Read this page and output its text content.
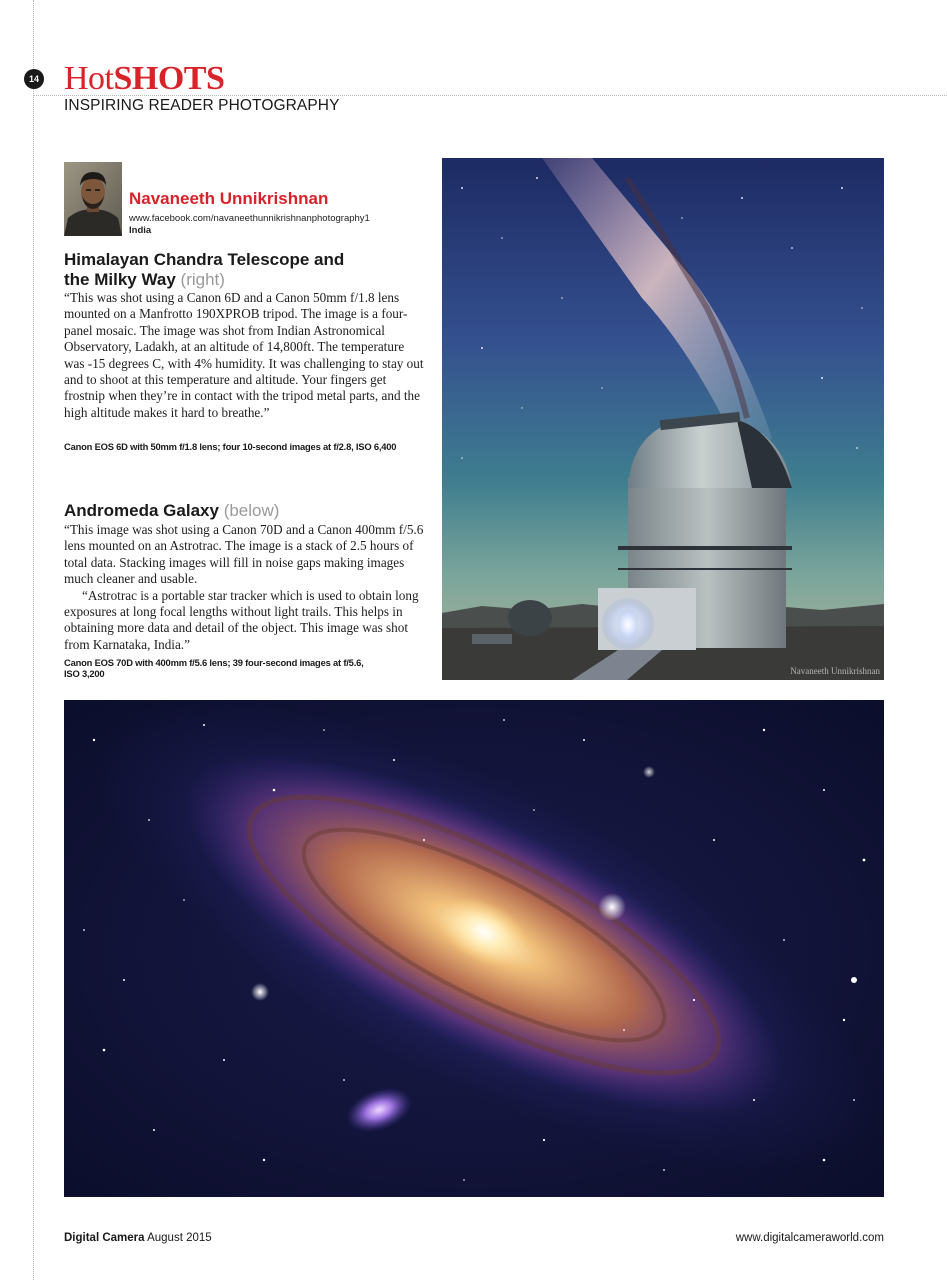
14 HotSHOTS
INSPIRING READER PHOTOGRAPHY
Navaneeth Unnikrishnan
www.facebook.com/navaneethunnikrishnanphotography1
India
Himalayan Chandra Telescope and the Milky Way (right)

“This was shot using a Canon 6D and a Canon 50mm f/1.8 lens mounted on a Manfrotto 190XPROB tripod. The image is a four-panel mosaic. The image was shot from Indian Astronomical Observatory, Ladakh, at an altitude of 14,800ft. The temperature was -15 degrees C, with 4% humidity. It was challenging to stay out and to shoot at this temperature and altitude. Your fingers get frostnip when they’re in contact with the tripod metal parts, and the high altitude makes it hard to breathe.”

Canon EOS 6D with 50mm f/1.8 lens; four 10-second images at f/2.8, ISO 6,400
Andromeda Galaxy (below)

“This image was shot using a Canon 70D and a Canon 400mm f/5.6 lens mounted on an Astrotrac. The image is a stack of 2.5 hours of total data. Stacking images will fill in noise gaps making images much cleaner and usable.

“Astrotrac is a portable star tracker which is used to obtain long exposures at long focal lengths without light trails. This helps in obtaining more data and detail of the object. This image was shot from Karnataka, India.”

Canon EOS 70D with 400mm f/5.6 lens; 39 four-second images at f/5.6, ISO 3,200	Navaneeth Unnikrishnan
Digital Camera August 2015	www.digitalcameraworld.com
